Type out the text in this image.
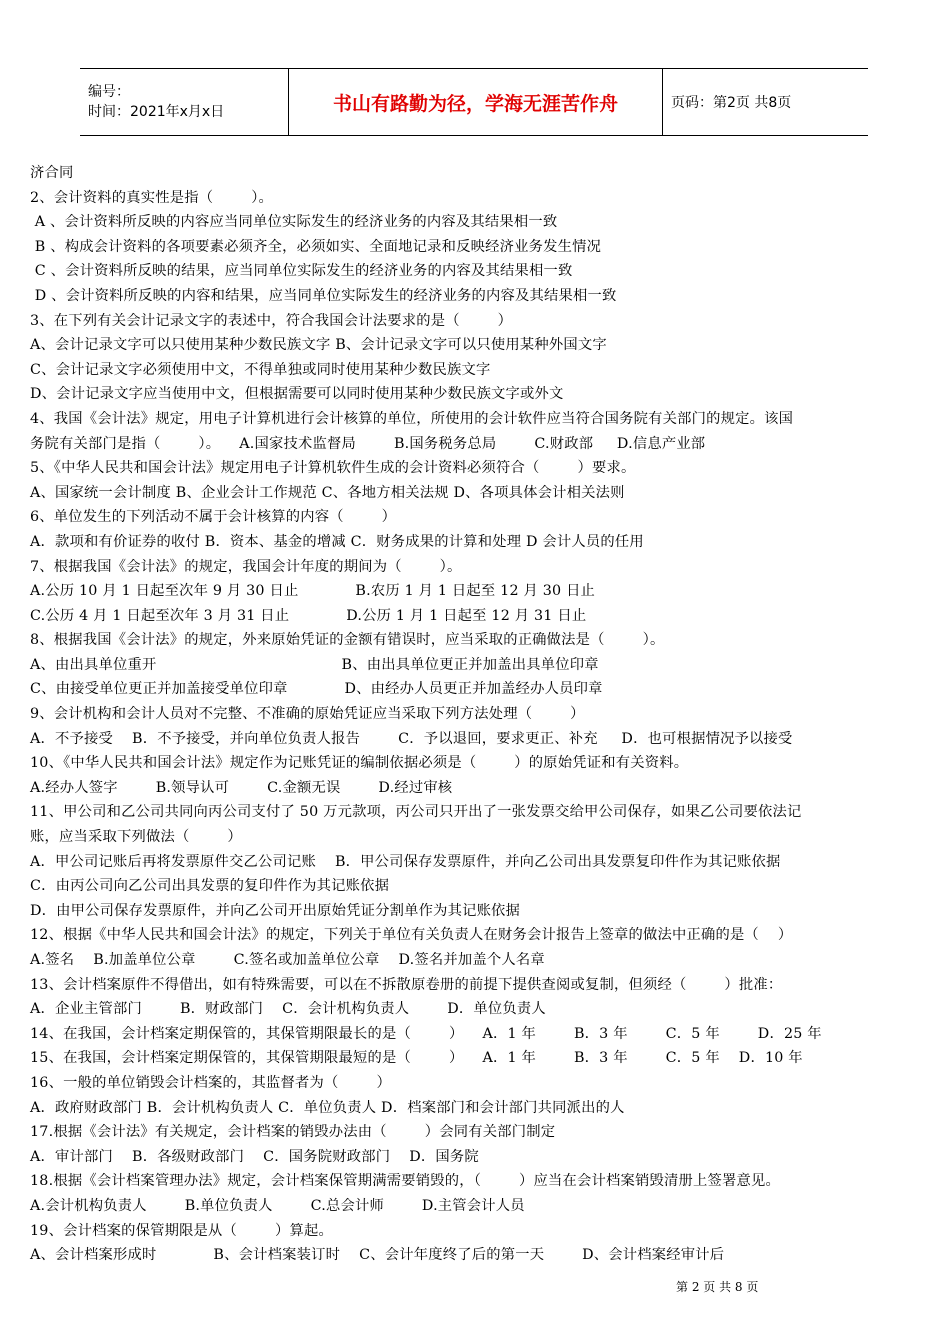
编号：
时间：2021年x月x日	书山有路勤为径，学海无涯苦作舟	页码：第2页 共8页
济合同
2、会计资料的真实性是指（        ）。
A 、会计资料所反映的内容应当同单位实际发生的经济业务的内容及其结果相一致
B 、构成会计资料的各项要素必须齐全，必须如实、全面地记录和反映经济业务发生情况
C 、会计资料所反映的结果，应当同单位实际发生的经济业务的内容及其结果相一致
D 、会计资料所反映的内容和结果，应当同单位实际发生的经济业务的内容及其结果相一致
3、在下列有关会计记录文字的表述中，符合我国会计法要求的是（        ）
A、会计记录文字可以只使用某种少数民族文字 B、会计记录文字可以只使用某种外国文字
C、会计记录文字必须使用中文，不得单独或同时使用某种少数民族文字
D、会计记录文字应当使用中文，但根据需要可以同时使用某种少数民族文字或外文
4、我国《会计法》规定，用电子计算机进行会计核算的单位，所使用的会计软件应当符合国务院有关部门的规定。该国
务院有关部门是指（        ）。    A.国家技术监督局        B.国务税务总局        C.财政部     D.信息产业部
5、《中华人民共和国会计法》规定用电子计算机软件生成的会计资料必须符合（        ）要求。
A、国家统一会计制度 B、企业会计工作规范 C、各地方相关法规 D、各项具体会计相关法则
6、单位发生的下列活动不属于会计核算的内容（        ）
A．款项和有价证券的收付 B．资本、基金的增减 C．财务成果的计算和处理 D 会计人员的任用
7、根据我国《会计法》的规定，我国会计年度的期间为（        ）。
A.公历 10 月 1 日起至次年 9 月 30 日止            B.农历 1 月 1 日起至 12 月 30 日止
C.公历 4 月 1 日起至次年 3 月 31 日止            D.公历 1 月 1 日起至 12 月 31 日止
8、根据我国《会计法》的规定，外来原始凭证的金额有错误时，应当采取的正确做法是（        ）。
A、由出具单位重开                                       B、由出具单位更正并加盖出具单位印章
C、由接受单位更正并加盖接受单位印章            D、由经办人员更正并加盖经办人员印章
9、会计机构和会计人员对不完整、不准确的原始凭证应当采取下列方法处理（        ）
A．不予接受    B．不予接受，并向单位负责人报告        C．予以退回，要求更正、补充     D．也可根据情况予以接受
10、《中华人民共和国会计法》规定作为记账凭证的编制依据必须是（        ）的原始凭证和有关资料。
A.经办人签字        B.领导认可        C.金额无误        D.经过审核
11、甲公司和乙公司共同向丙公司支付了 50 万元款项，丙公司只开出了一张发票交给甲公司保存，如果乙公司要依法记
账，应当采取下列做法（        ）
A．甲公司记账后再将发票原件交乙公司记账    B．甲公司保存发票原件，并向乙公司出具发票复印件作为其记账依据
C．由丙公司向乙公司出具发票的复印件作为其记账依据
D．由甲公司保存发票原件，并向乙公司开出原始凭证分割单作为其记账依据
12、根据《中华人民共和国会计法》的规定，下列关于单位有关负责人在财务会计报告上签章的做法中正确的是（    ）
A.签名    B.加盖单位公章        C.签名或加盖单位公章    D.签名并加盖个人名章
13、会计档案原件不得借出，如有特殊需要，可以在不拆散原卷册的前提下提供查阅或复制，但须经（        ）批准：
A．企业主管部门        B．财政部门    C．会计机构负责人        D．单位负责人
14、在我国，会计档案定期保管的，其保管期限最长的是（        ）    A．1 年        B．3 年        C．5 年        D．25 年
15、在我国，会计档案定期保管的，其保管期限最短的是（        ）    A．1 年        B．3 年        C．5 年    D．10 年
16、一般的单位销毁会计档案的，其监督者为（        ）
A．政府财政部门 B．会计机构负责人 C．单位负责人 D．档案部门和会计部门共同派出的人
17.根据《会计法》有关规定，会计档案的销毁办法由（        ）会同有关部门制定
A．审计部门    B．各级财政部门    C．国务院财政部门    D．国务院
18.根据《会计档案管理办法》规定，会计档案保管期满需要销毁的，（        ）应当在会计档案销毁清册上签署意见。
A.会计机构负责人        B.单位负责人        C.总会计师        D.主管会计人员
19、会计档案的保管期限是从（        ）算起。
A、会计档案形成时            B、会计档案装订时    C、会计年度终了后的第一天        D、会计档案经审计后
第 2 页 共 8 页
